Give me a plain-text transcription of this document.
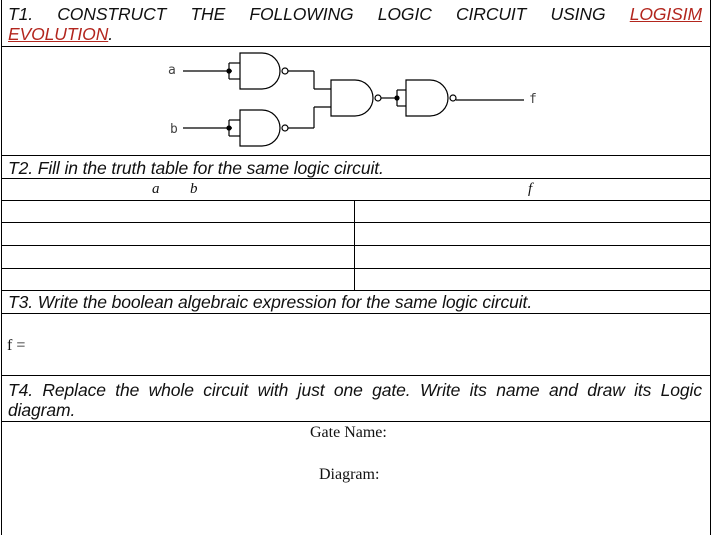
T1. CONSTRUCT THE FOLLOWING LOGIC CIRCUIT USING LOGISIM
EVOLUTION.
a
b
f
T2. Fill in the truth table for the same logic circuit.
a b	f
T3. Write the boolean algebraic expression for the same logic circuit.
f =
T4. Replace the whole circuit with just one gate. Write its name and draw its Logic
diagram.
Gate Name:
Diagram:
